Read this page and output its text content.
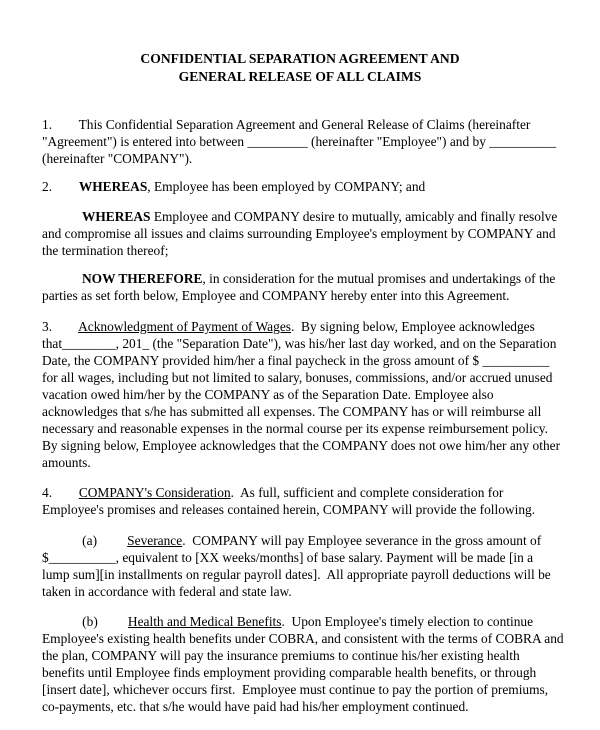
CONFIDENTIAL SEPARATION AGREEMENT AND
GENERAL RELEASE OF ALL CLAIMS
1.        This Confidential Separation Agreement and General Release of Claims (hereinafter
"Agreement") is entered into between _________ (hereinafter "Employee") and by __________
(hereinafter "COMPANY").
2.        WHEREAS, Employee has been employed by COMPANY; and
WHEREAS Employee and COMPANY desire to mutually, amicably and finally resolve
and compromise all issues and claims surrounding Employee's employment by COMPANY and
the termination thereof;
NOW THEREFORE, in consideration for the mutual promises and undertakings of the
parties as set forth below, Employee and COMPANY hereby enter into this Agreement.
3.        Acknowledgment of Payment of Wages.  By signing below, Employee acknowledges
that________, 201_ (the "Separation Date"), was his/her last day worked, and on the Separation
Date, the COMPANY provided him/her a final paycheck in the gross amount of $ __________
for all wages, including but not limited to salary, bonuses, commissions, and/or accrued unused
vacation owed him/her by the COMPANY as of the Separation Date. Employee also
acknowledges that s/he has submitted all expenses. The COMPANY has or will reimburse all
necessary and reasonable expenses in the normal course per its expense reimbursement policy.
By signing below, Employee acknowledges that the COMPANY does not owe him/her any other
amounts.
4.        COMPANY's Consideration.  As full, sufficient and complete consideration for
Employee's promises and releases contained herein, COMPANY will provide the following.
(a)         Severance.  COMPANY will pay Employee severance in the gross amount of
$__________, equivalent to [XX weeks/months] of base salary. Payment will be made [in a
lump sum][in installments on regular payroll dates].  All appropriate payroll deductions will be
taken in accordance with federal and state law.
(b)         Health and Medical Benefits.  Upon Employee's timely election to continue
Employee's existing health benefits under COBRA, and consistent with the terms of COBRA and
the plan, COMPANY will pay the insurance premiums to continue his/her existing health
benefits until Employee finds employment providing comparable health benefits, or through
[insert date], whichever occurs first.  Employee must continue to pay the portion of premiums,
co-payments, etc. that s/he would have paid had his/her employment continued.
